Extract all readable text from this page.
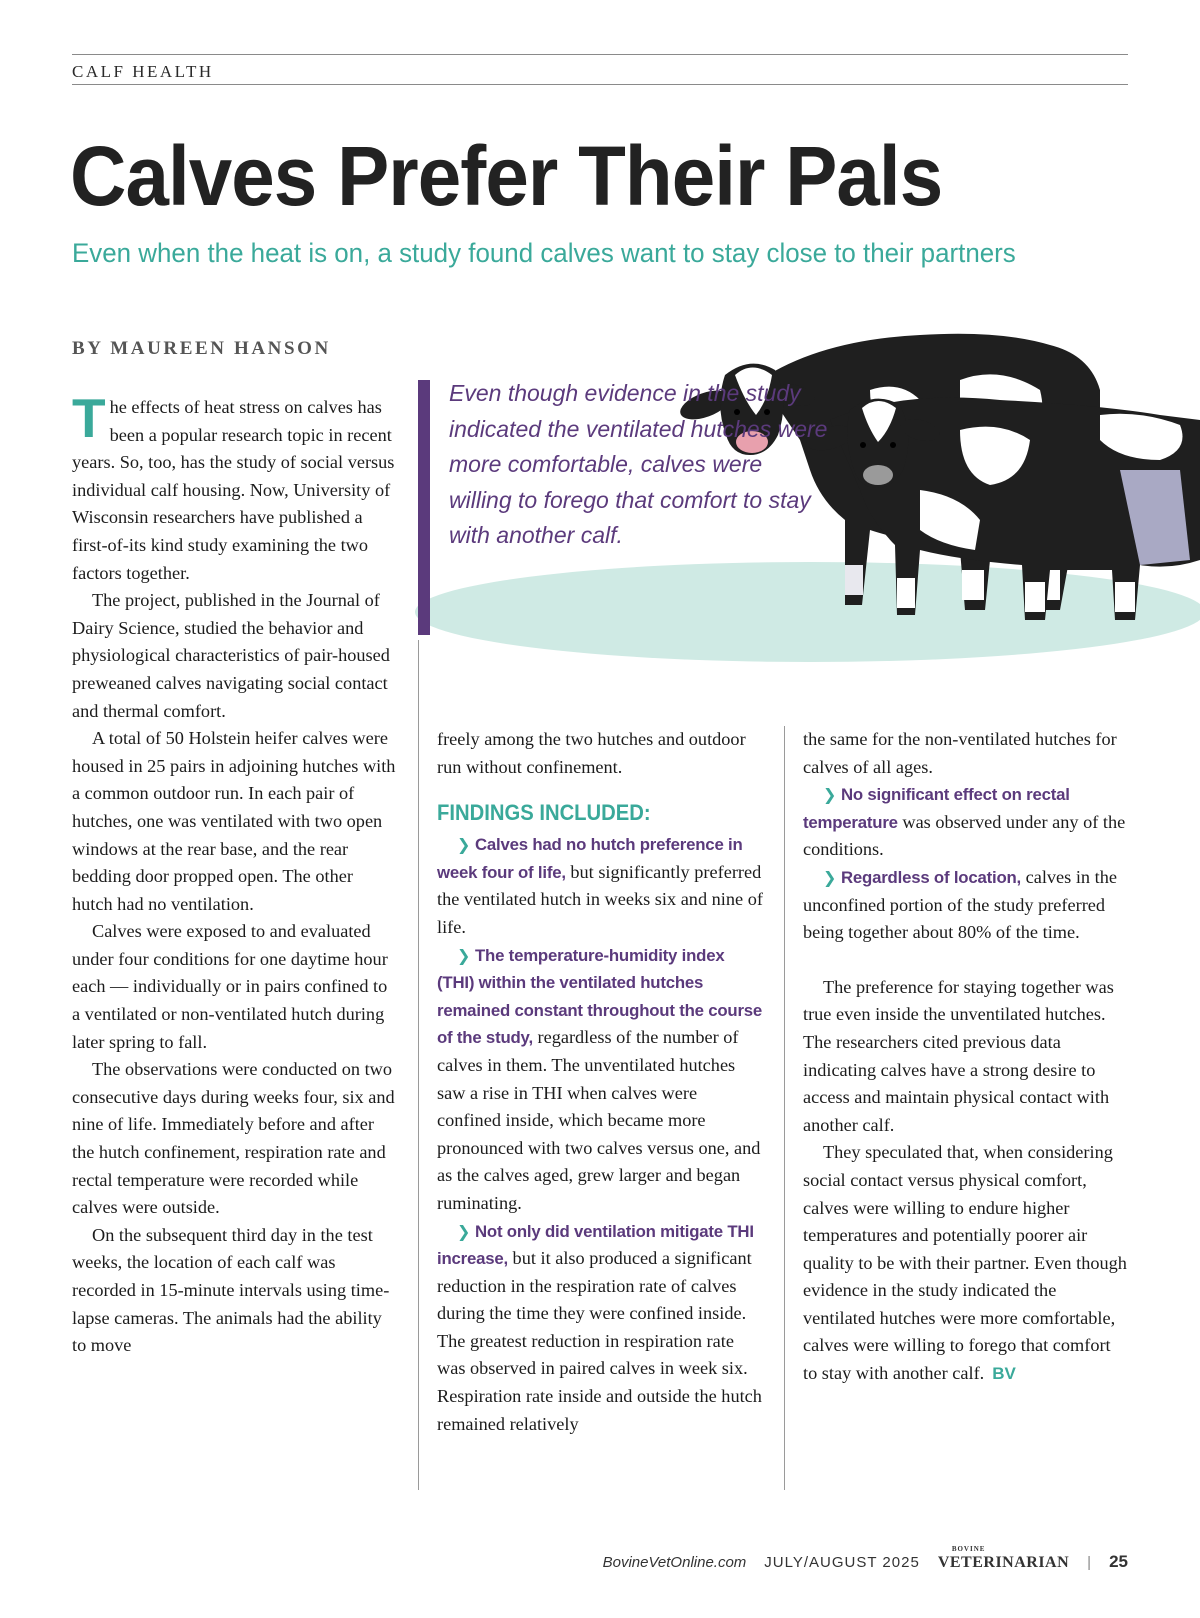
CALF HEALTH
Calves Prefer Their Pals
Even when the heat is on, a study found calves want to stay close to their partners
BY MAUREEN HANSON
Even though evidence in the study indicated the ventilated hutches were more comfortable, calves were willing to forego that comfort to stay with another calf.

The effects of heat stress on calves has been a popular research topic in recent years. So, too, has the study of social versus individual calf housing. Now, University of Wisconsin researchers have published a first-of-its kind study examining the two factors together.

The project, published in the Journal of Dairy Science, studied the behavior and physiological characteristics of pair-housed preweaned calves navigating social contact and thermal comfort.

A total of 50 Holstein heifer calves were housed in 25 pairs in adjoining hutches with a common outdoor run. In each pair of hutches, one was ventilated with two open windows at the rear base, and the rear bedding door propped open. The other hutch had no ventilation.

Calves were exposed to and evaluated under four conditions for one daytime hour each — individually or in pairs confined to a ventilated or non-ventilated hutch during later spring to fall.

The observations were conducted on two consecutive days during weeks four, six and nine of life. Immediately before and after the hutch confinement, respiration rate and rectal temperature were recorded while calves were outside.

On the subsequent third day in the test weeks, the location of each calf was recorded in 15-minute intervals using time-lapse cameras. The animals had the ability to move

freely among the two hutches and outdoor run without confinement.

FINDINGS INCLUDED:

❯ Calves had no hutch preference in week four of life, but significantly preferred the ventilated hutch in weeks six and nine of life.

❯ The temperature-humidity index (THI) within the ventilated hutches remained constant throughout the course of the study, regardless of the number of calves in them. The unventilated hutches saw a rise in THI when calves were confined inside, which became more pronounced with two calves versus one, and as the calves aged, grew larger and began ruminating.

❯ Not only did ventilation mitigate THI increase, but it also produced a significant reduction in the respiration rate of calves during the time they were confined inside. The greatest reduction in respiration rate was observed in paired calves in week six. Respiration rate inside and outside the hutch remained relatively

the same for the non-ventilated hutches for calves of all ages.

❯ No significant effect on rectal temperature was observed under any of the conditions.

❯ Regardless of location, calves in the unconfined portion of the study preferred being together about 80% of the time.

The preference for staying together was true even inside the unventilated hutches. The researchers cited previous data indicating calves have a strong desire to access and maintain physical contact with another calf.

They speculated that, when considering social contact versus physical comfort, calves were willing to endure higher temperatures and potentially poorer air quality to be with their partner. Even though evidence in the study indicated the ventilated hutches were more comfortable, calves were willing to forego that comfort to stay with another calf. BV

BovineVetOnline.com JULY/AUGUST 2025
BOVINE
VETERINARIAN | 25
